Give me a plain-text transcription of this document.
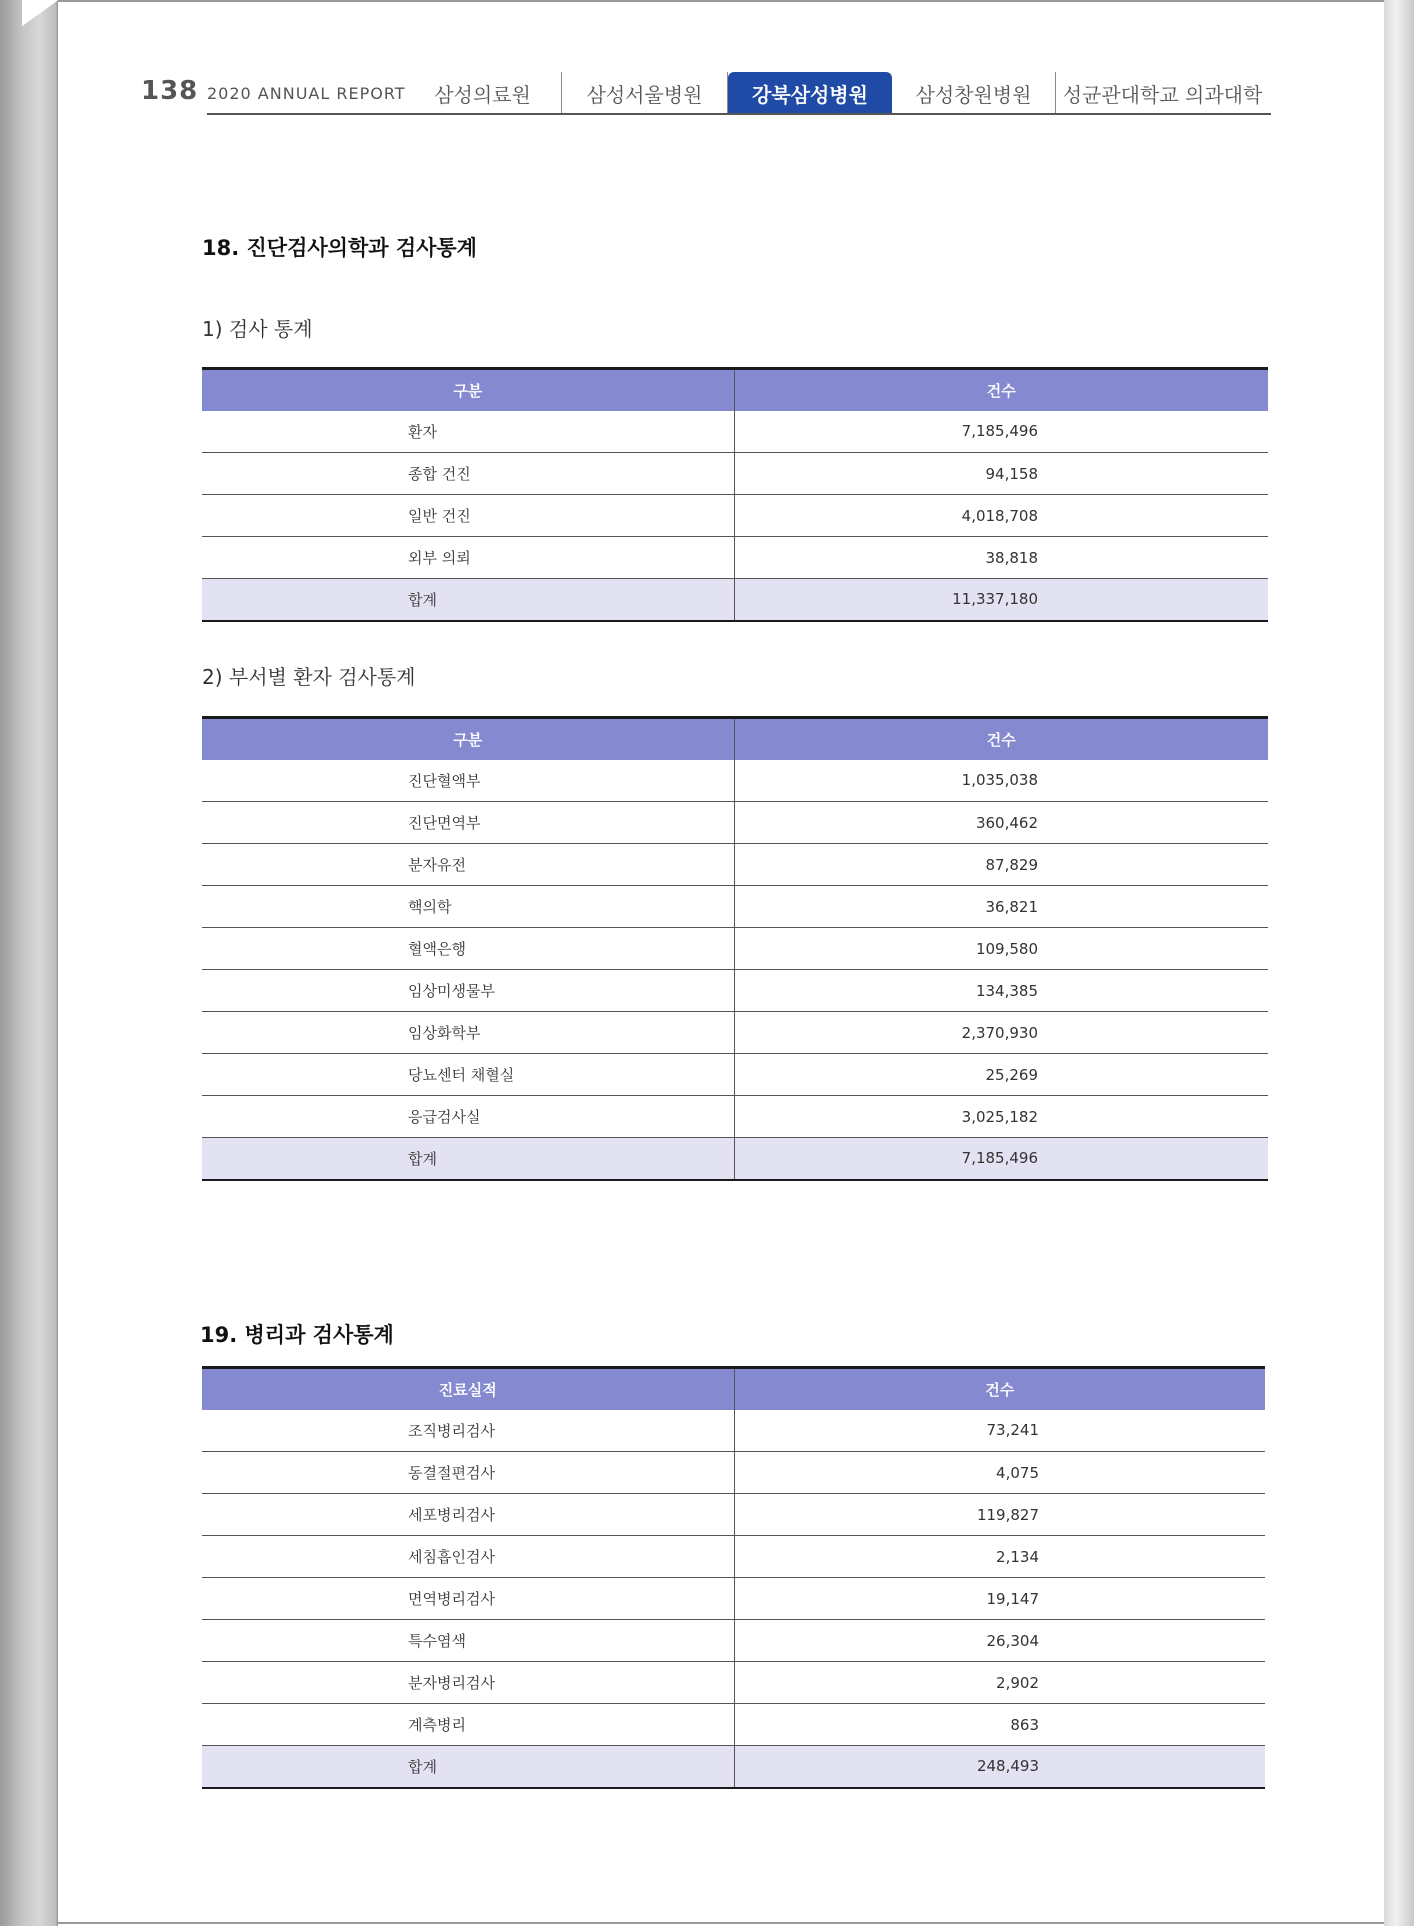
138 2020 ANNUAL REPORT	삼성의료원	삼성서울병원	강북삼성병원	삼성창원병원	성균관대학교 의과대학
18. 진단검사의학과 검사통계
1) 검사 통계
구분	건수
환자	7,185,496
종합 건진	94,158
일반 건진	4,018,708
외부 의뢰	38,818
합계	11,337,180
2) 부서별 환자 검사통계
구분	건수
진단혈액부	1,035,038
진단면역부	360,462
분자유전	87,829
핵의학	36,821
혈액은행	109,580
임상미생물부	134,385
임상화학부	2,370,930
당뇨센터 채혈실	25,269
응급검사실	3,025,182
합계	7,185,496
19. 병리과 검사통계
진료실적	건수
조직병리검사	73,241
동결절편검사	4,075
세포병리검사	119,827
세침흡인검사	2,134
면역병리검사	19,147
특수염색	26,304
분자병리검사	2,902
계측병리	863
합계	248,493
